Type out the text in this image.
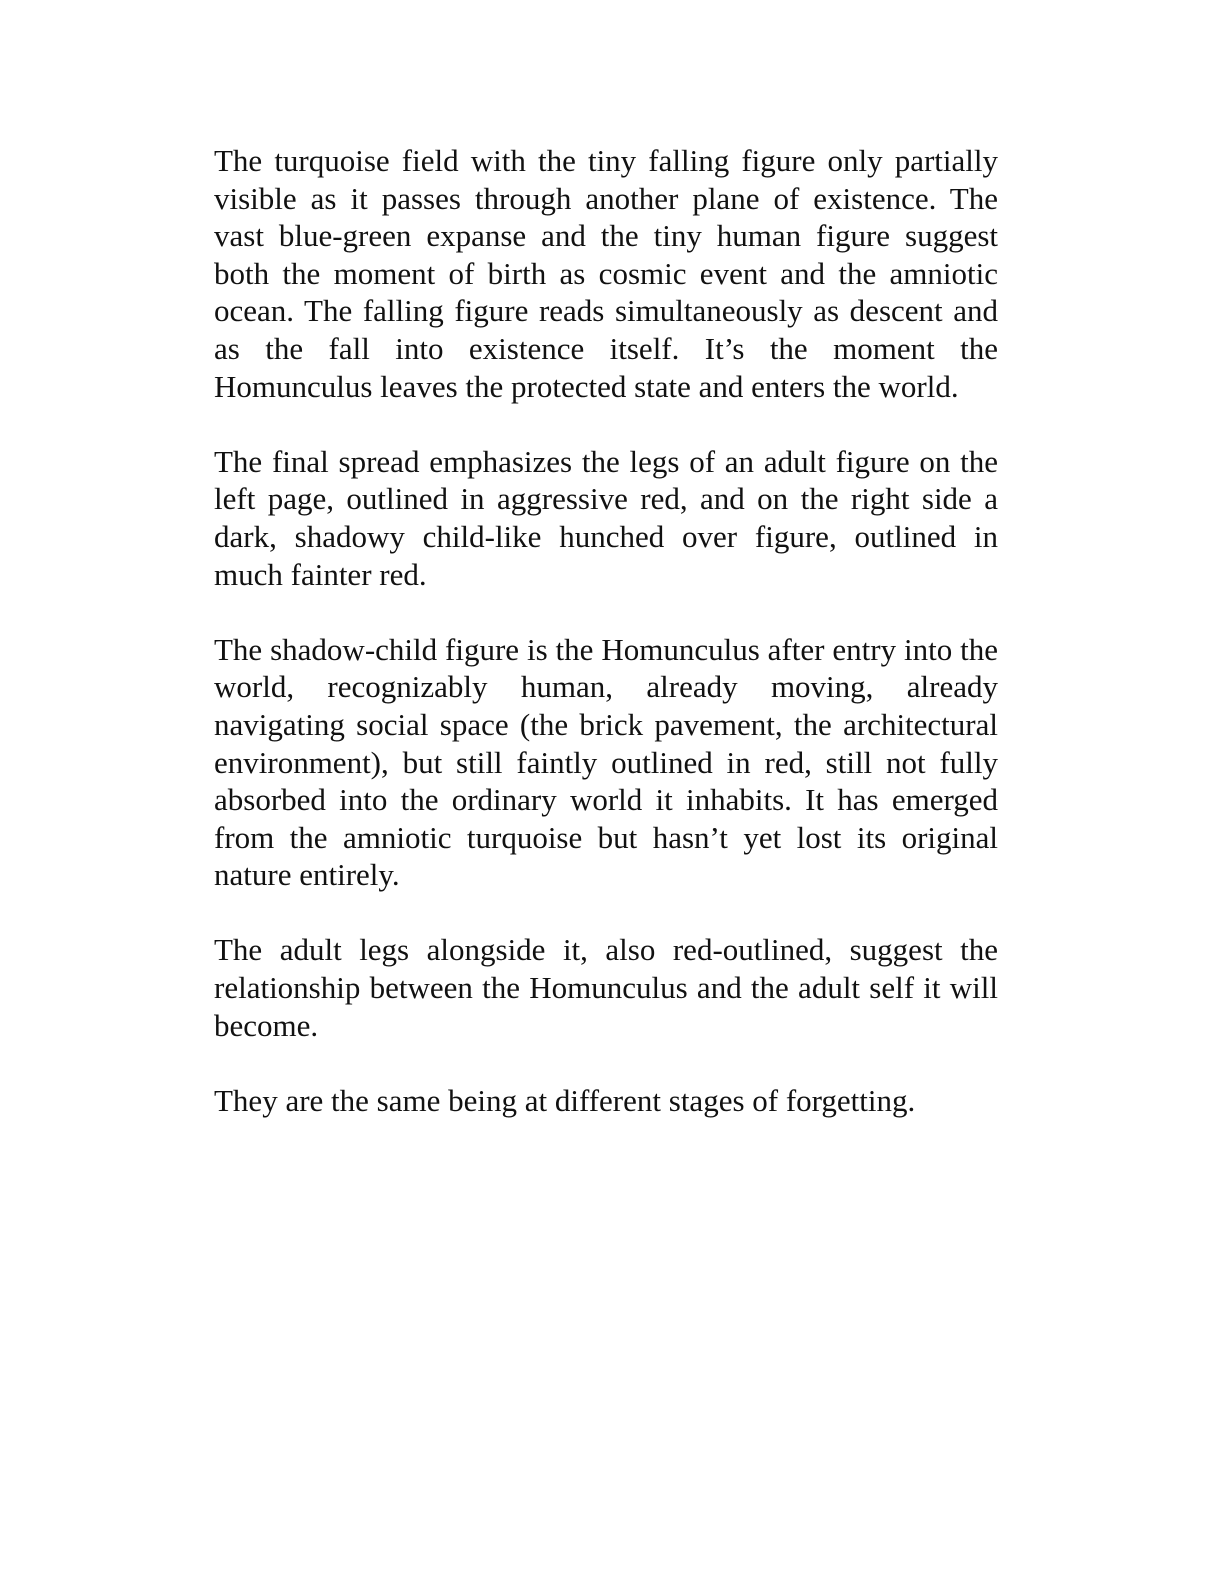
The turquoise field with the tiny falling figure only partially visible as it passes through another plane of existence. The vast blue-green expanse and the tiny human figure suggest both the moment of birth as cosmic event and the amniotic ocean. The falling figure reads simultaneously as descent and as the fall into existence itself. It’s the moment the Homunculus leaves the protected state and enters the world.

The final spread emphasizes the legs of an adult figure on the left page, outlined in aggressive red, and on the right side a dark, shadowy child-like hunched over figure, outlined in much fainter red.

The shadow-child figure is the Homunculus after entry into the world, recognizably human, already moving, already navigating social space (the brick pavement, the architectural environment), but still faintly outlined in red, still not fully absorbed into the ordinary world it inhabits. It has emerged from the amniotic turquoise but hasn’t yet lost its original nature entirely.

The adult legs alongside it, also red-outlined, suggest the relationship between the Homunculus and the adult self it will become.

They are the same being at different stages of forgetting.
